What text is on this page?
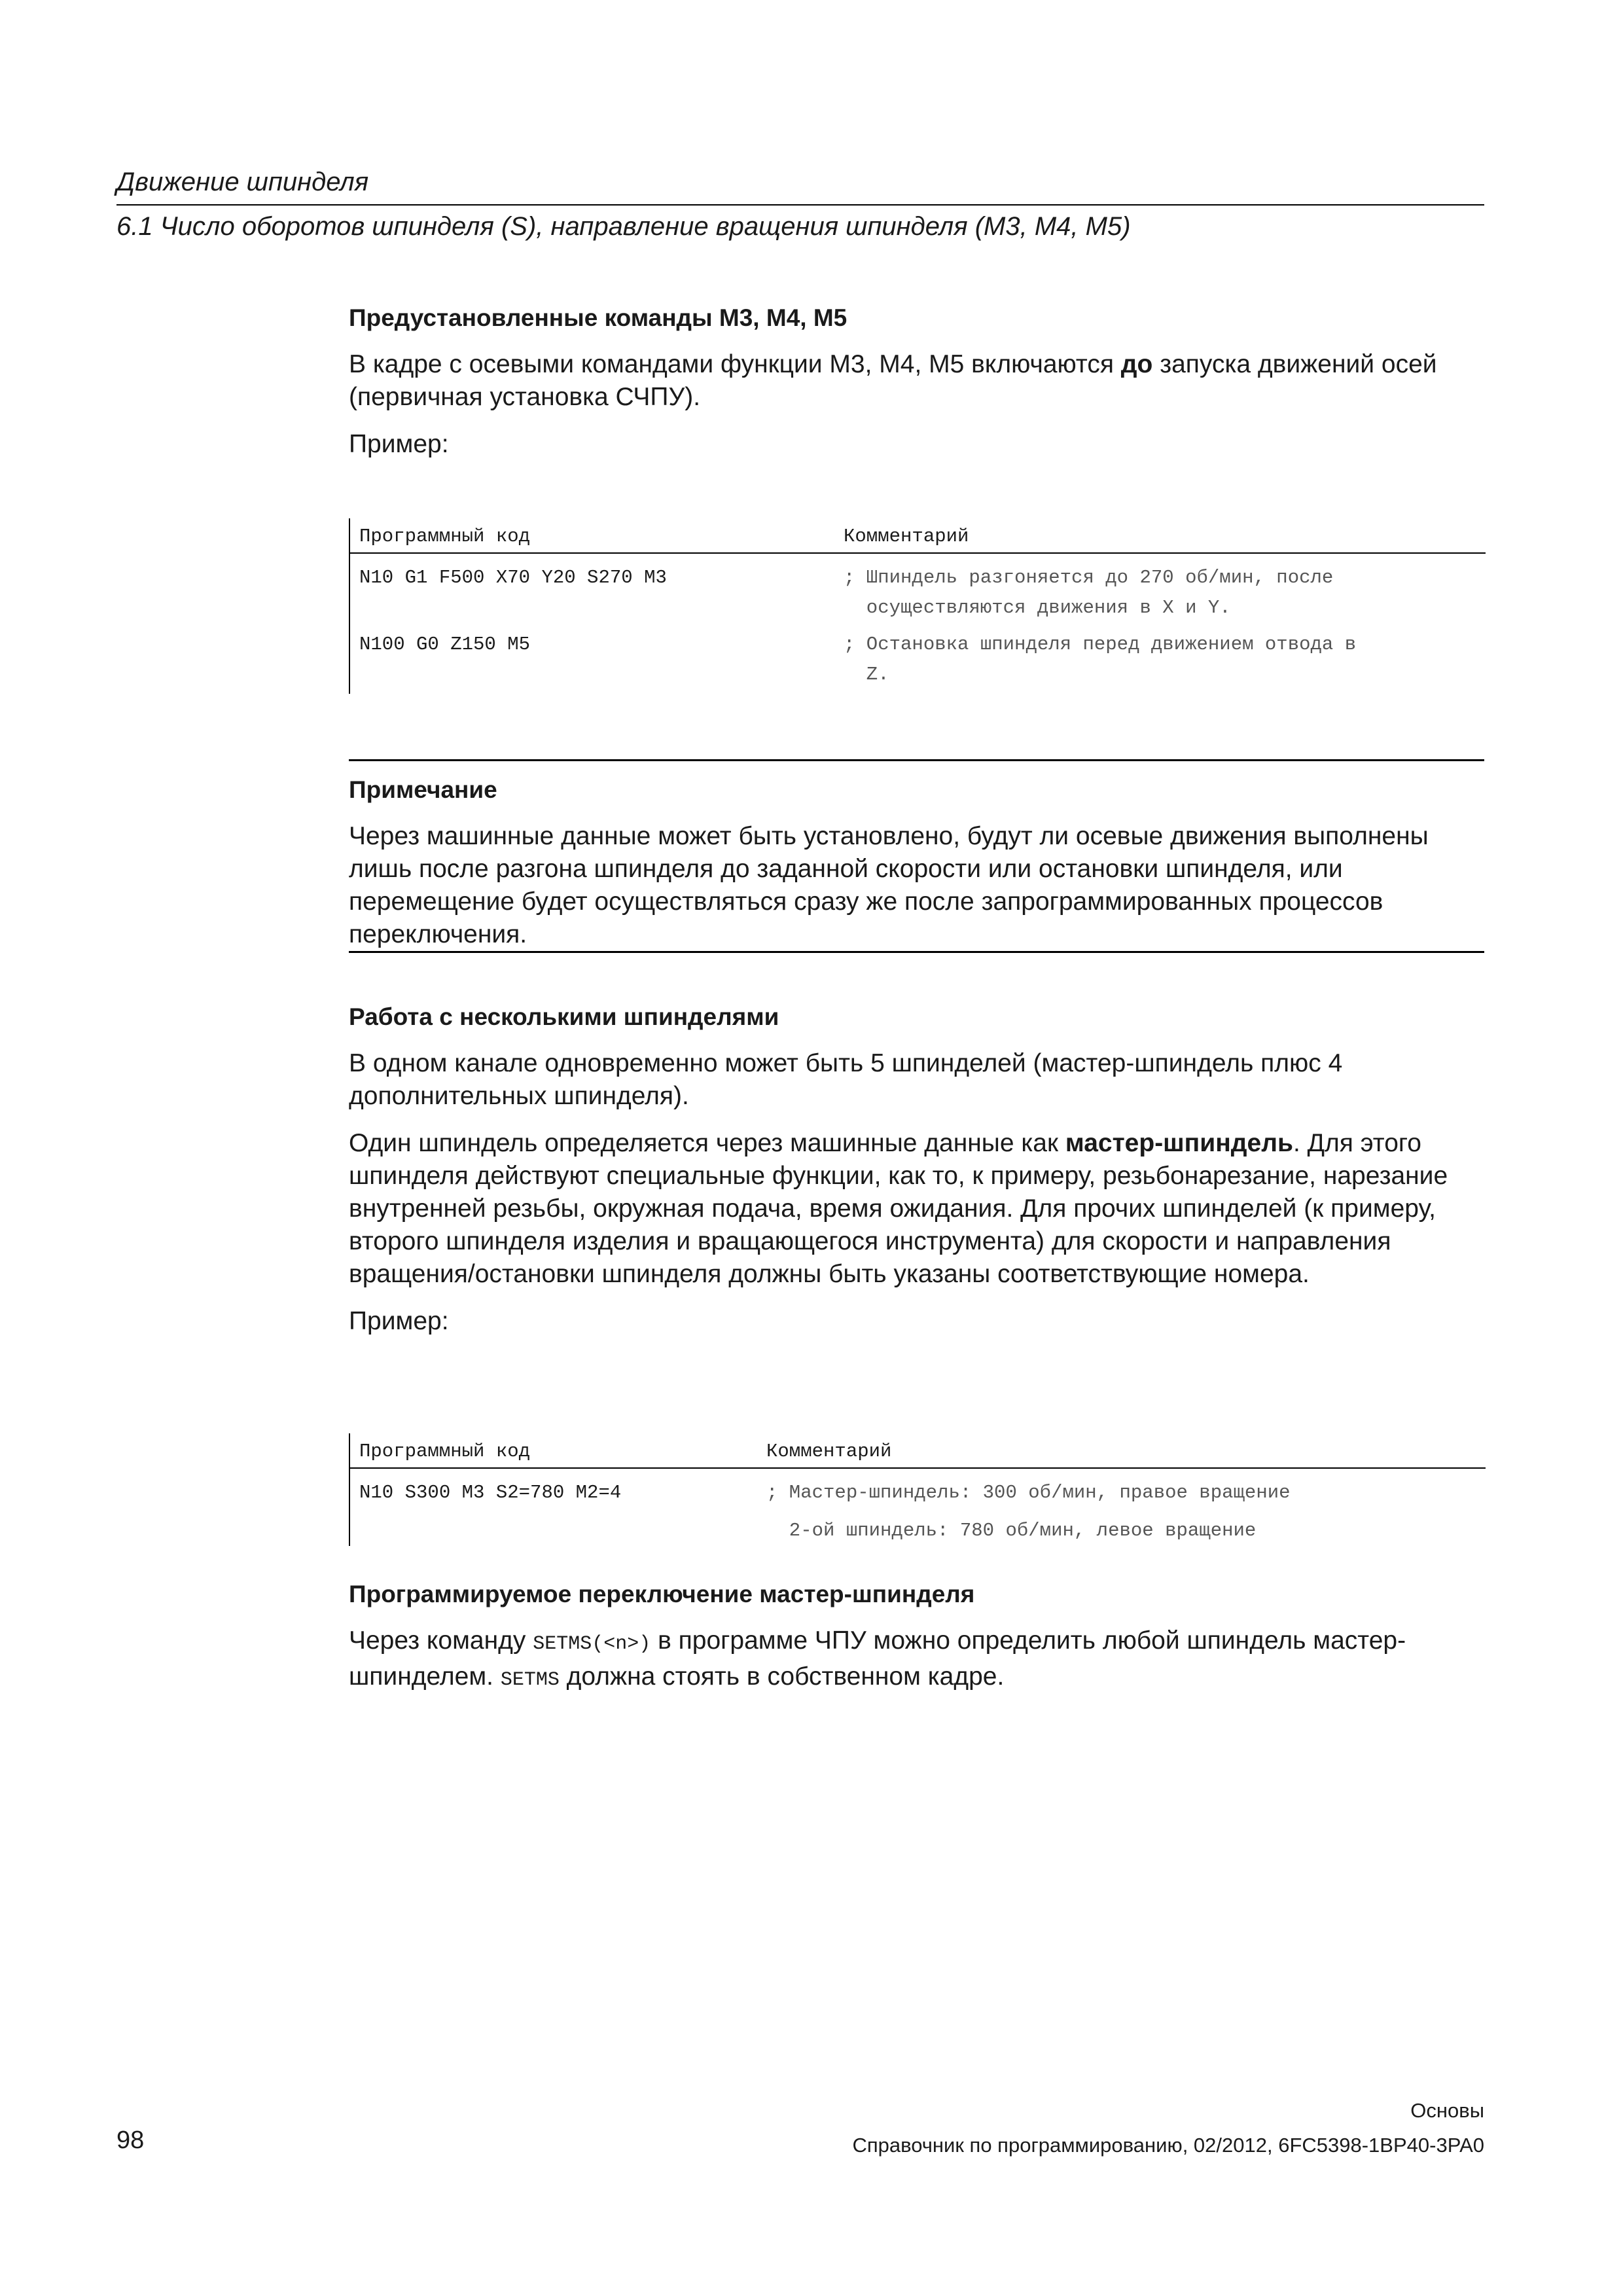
Движение шпинделя
6.1 Число оборотов шпинделя (S), направление вращения шпинделя (M3, M4, M5)
Предустановленные команды M3, M4, M5

В кадре с осевыми командами функции M3, M4, M5 включаются до запуска движений осей (первичная установка СЧПУ).

Пример:

Программный код	Комментарий
N10 G1 F500 X70 Y20 S270 M3	; Шпиндель разгоняется до 270 об/мин, после
осуществляются движения в X и Y.
N100 G0 Z150 M5	; Остановка шпинделя перед движением отвода в
Z.
Примечание

Через машинные данные может быть установлено, будут ли осевые движения выполнены лишь после разгона шпинделя до заданной скорости или остановки шпинделя, или перемещение будет осуществляться сразу же после запрограммированных процессов переключения.

Работа с несколькими шпинделями

В одном канале одновременно может быть 5 шпинделей (мастер-шпиндель плюс 4 дополнительных шпинделя).

Один шпиндель определяется через машинные данные как мастер-шпиндель. Для этого шпинделя действуют специальные функции, как то, к примеру, резьбонарезание, нарезание внутренней резьбы, окружная подача, время ожидания. Для прочих шпинделей (к примеру, второго шпинделя изделия и вращающегося инструмента) для скорости и направления вращения/остановки шпинделя должны быть указаны соответствующие номера.

Пример:

Программный код	Комментарий
N10 S300 M3 S2=780 M2=4	; Мастер-шпиндель: 300 об/мин, правое вращение
2-ой шпиндель: 780 об/мин, левое вращение
Программируемое переключение мастер-шпинделя

Через команду SETMS(<n>) в программе ЧПУ можно определить любой шпиндель мастер-шпинделем. SETMS должна стоять в собственном кадре.

98
Основы
Справочник по программированию, 02/2012, 6FC5398-1BP40-3PA0
